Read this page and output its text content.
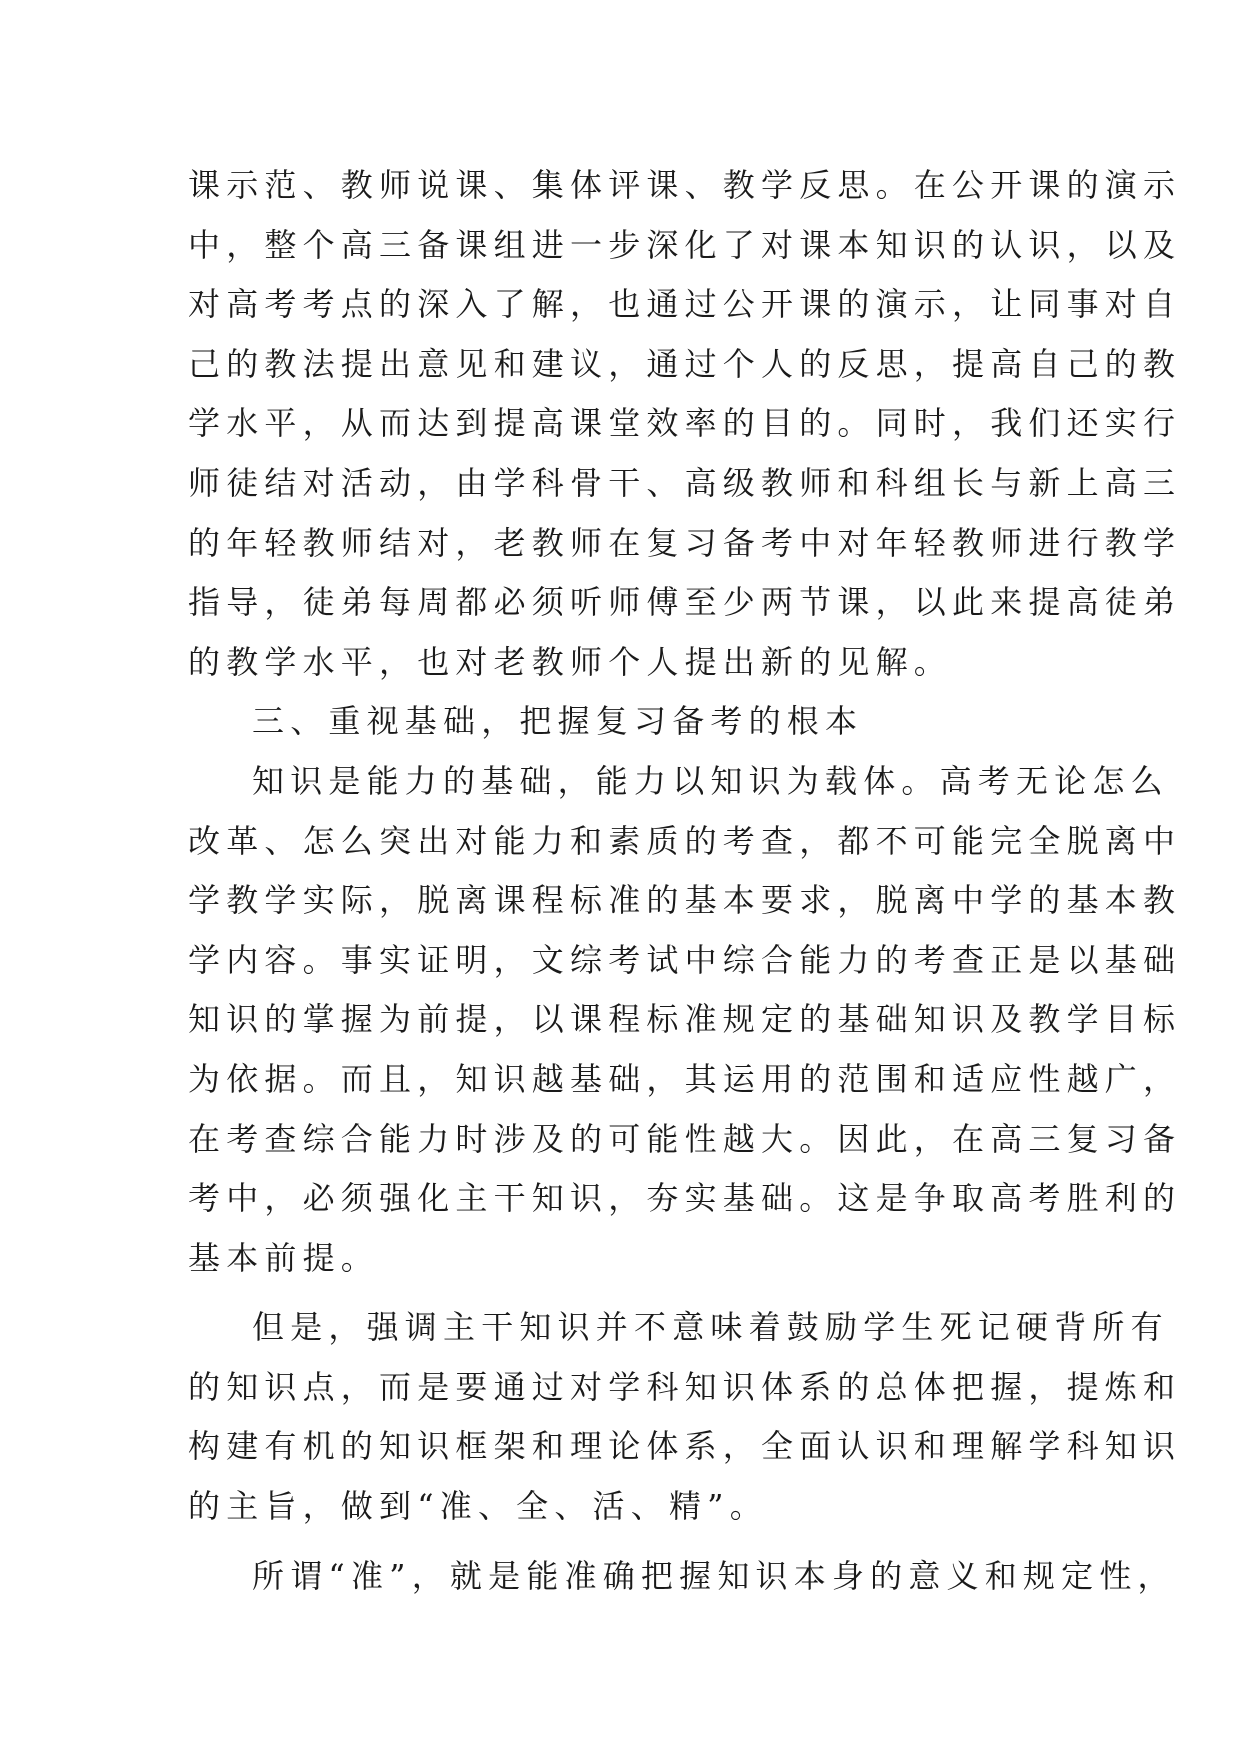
课示范、教师说课、集体评课、教学反思。在公开课的演示
中，整个高三备课组进一步深化了对课本知识的认识，以及
对高考考点的深入了解，也通过公开课的演示，让同事对自
己的教法提出意见和建议，通过个人的反思，提高自己的教
学水平，从而达到提高课堂效率的目的。同时，我们还实行
师徒结对活动，由学科骨干、高级教师和科组长与新上高三
的年轻教师结对，老教师在复习备考中对年轻教师进行教学
指导，徒弟每周都必须听师傅至少两节课，以此来提高徒弟
的教学水平，也对老教师个人提出新的见解。
三、重视基础，把握复习备考的根本
知识是能力的基础，能力以知识为载体。高考无论怎么
改革、怎么突出对能力和素质的考查，都不可能完全脱离中
学教学实际，脱离课程标准的基本要求，脱离中学的基本教
学内容。事实证明，文综考试中综合能力的考查正是以基础
知识的掌握为前提，以课程标准规定的基础知识及教学目标
为依据。而且，知识越基础，其运用的范围和适应性越广，
在考查综合能力时涉及的可能性越大。因此，在高三复习备
考中，必须强化主干知识，夯实基础。这是争取高考胜利的
基本前提。
但是，强调主干知识并不意味着鼓励学生死记硬背所有
的知识点，而是要通过对学科知识体系的总体把握，提炼和
构建有机的知识框架和理论体系，全面认识和理解学科知识
的主旨，做到“准、全、活、精”。
所谓“准”，就是能准确把握知识本身的意义和规定性，
